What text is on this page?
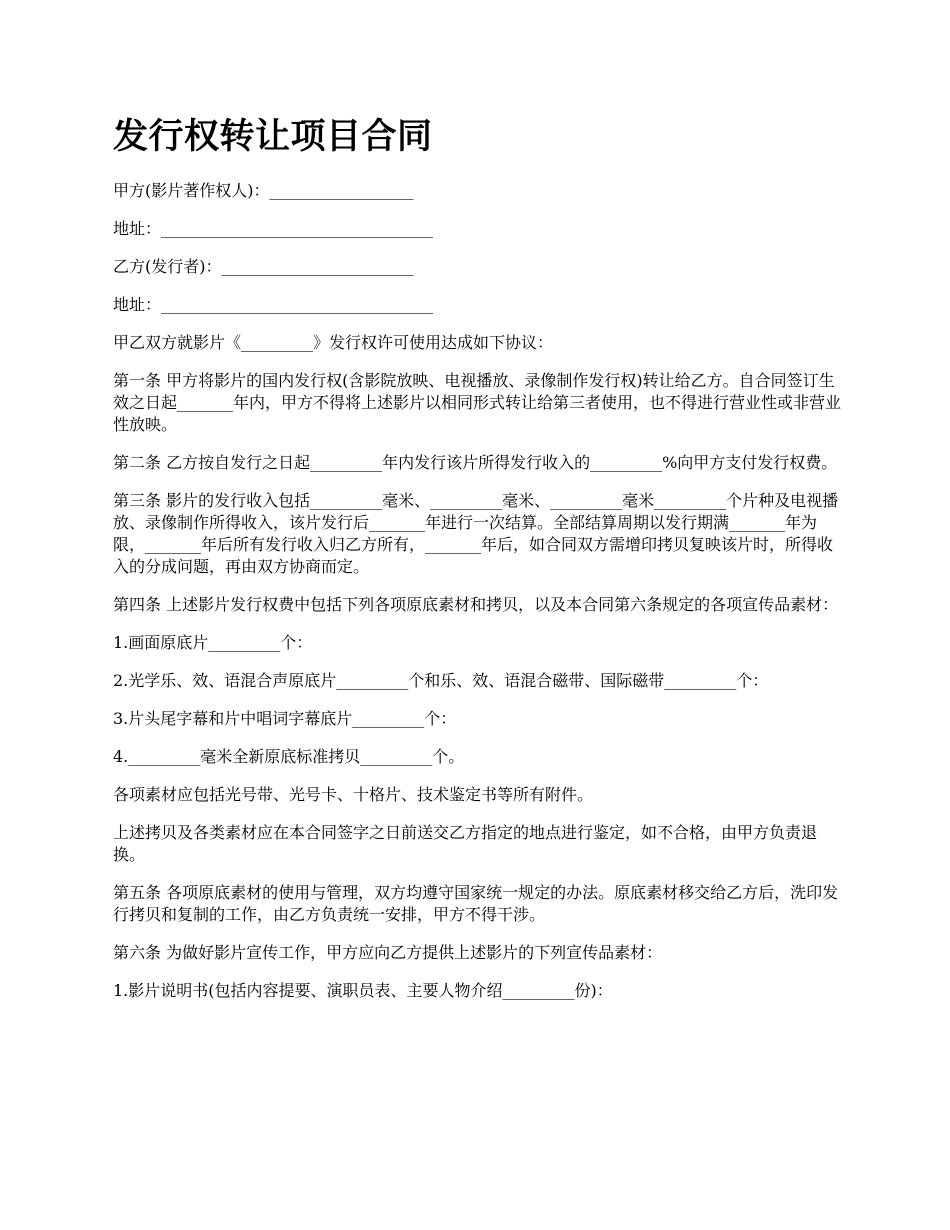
发行权转让项目合同

甲方(影片著作权人)：__________________

地址：__________________________________

乙方(发行者)：________________________

地址：__________________________________

甲乙双方就影片《_________》发行权许可使用达成如下协议：

第一条 甲方将影片的国内发行权(含影院放映、电视播放、录像制作发行权)转让给乙方。自合同签订生效之日起_______年内，甲方不得将上述影片以相同形式转让给第三者使用，也不得进行营业性或非营业性放映。

第二条 乙方按自发行之日起_________年内发行该片所得发行收入的_________%向甲方支付发行权费。

第三条 影片的发行收入包括_________毫米、_________毫米、_________毫米_________个片种及电视播放、录像制作所得收入，该片发行后_______年进行一次结算。全部结算周期以发行期满_______年为限，_______年后所有发行收入归乙方所有，_______年后，如合同双方需增印拷贝复映该片时，所得收入的分成问题，再由双方协商而定。

第四条 上述影片发行权费中包括下列各项原底素材和拷贝，以及本合同第六条规定的各项宣传品素材：

1.画面原底片_________个：

2.光学乐、效、语混合声原底片_________个和乐、效、语混合磁带、国际磁带_________个：

3.片头尾字幕和片中唱词字幕底片_________个：

4._________毫米全新原底标准拷贝_________个。

各项素材应包括光号带、光号卡、十格片、技术鉴定书等所有附件。

上述拷贝及各类素材应在本合同签字之日前送交乙方指定的地点进行鉴定，如不合格，由甲方负责退换。

第五条 各项原底素材的使用与管理，双方均遵守国家统一规定的办法。原底素材移交给乙方后，洗印发行拷贝和复制的工作，由乙方负责统一安排，甲方不得干涉。

第六条 为做好影片宣传工作，甲方应向乙方提供上述影片的下列宣传品素材：

1.影片说明书(包括内容提要、演职员表、主要人物介绍_________份)：
